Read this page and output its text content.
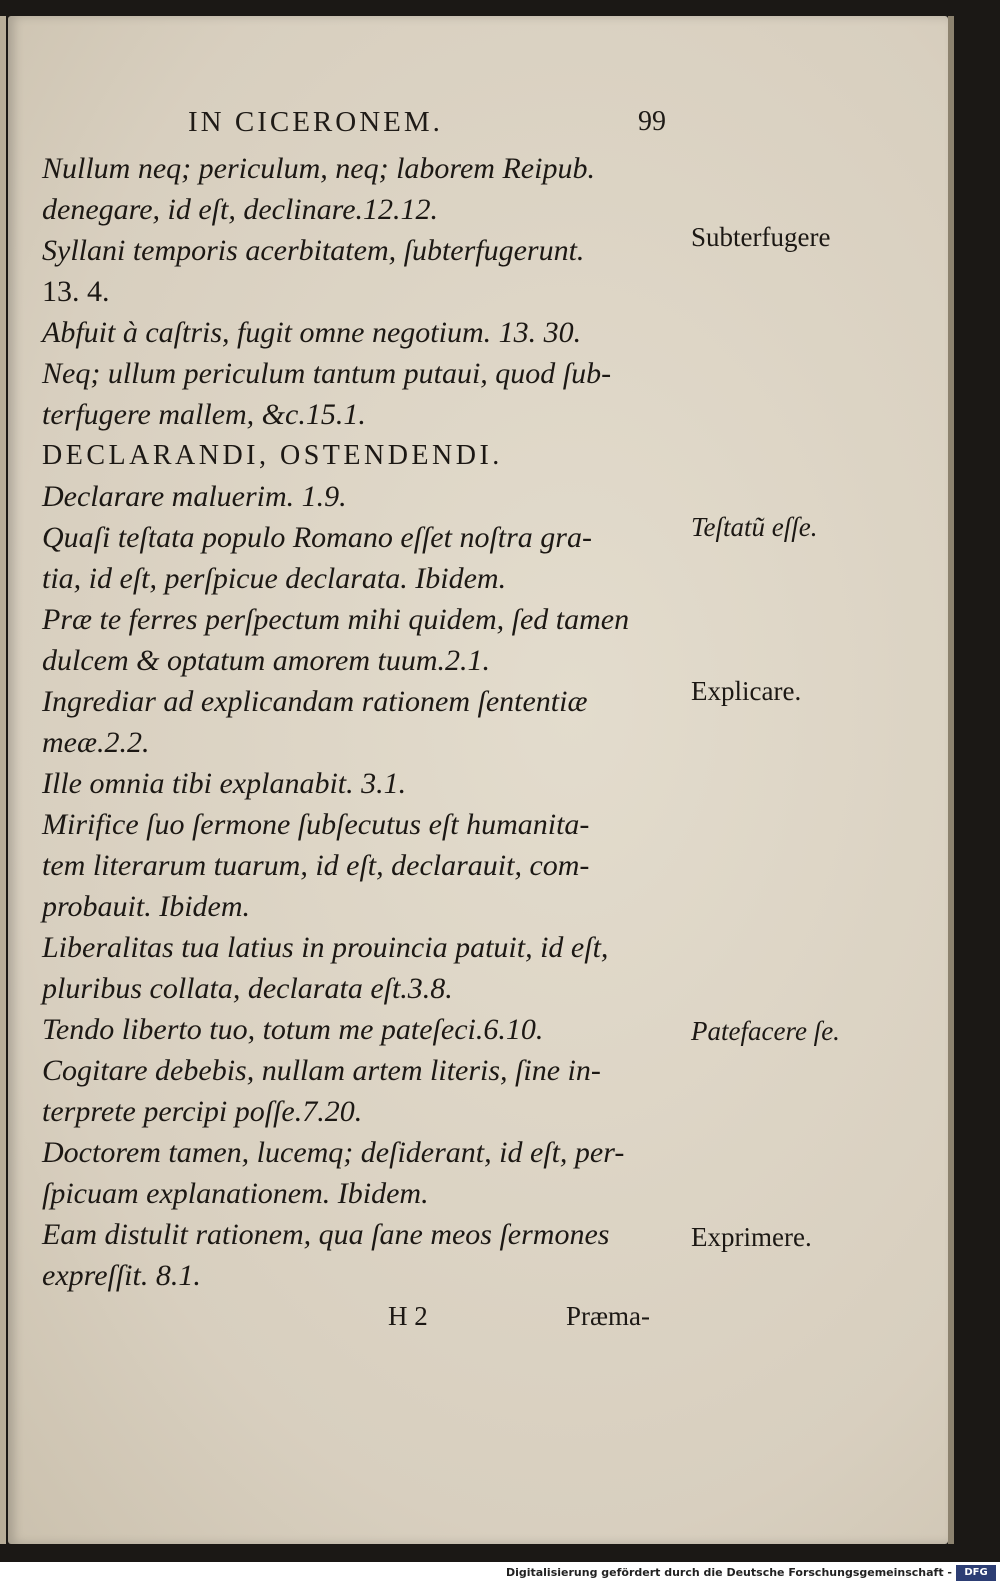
IN CICERONEM.	99
Nullum neq; periculum, neq; laborem Reipub.
denegare, id eſt, declinare.12.12.
Syllani temporis acerbitatem, ſubterfugerunt.
13. 4.
Abfuit à caſtris, fugit omne negotium. 13. 30.
Neq; ullum periculum tantum putaui, quod ſub-
terfugere mallem, &c.15.1.
DECLARANDI, OSTENDENDI.
Declarare maluerim. 1.9.
Quaſi teſtata populo Romano eſſet noſtra gra-
tia, id eſt, perſpicue declarata. Ibidem.
Præ te ferres perſpectum mihi quidem, ſed tamen
dulcem & optatum amorem tuum.2.1.
Ingrediar ad explicandam rationem ſententiæ
meæ.2.2.
Ille omnia tibi explanabit. 3.1.
Mirifice ſuo ſermone ſubſecutus eſt humanita-
tem literarum tuarum, id eſt, declarauit, com-
probauit. Ibidem.
Liberalitas tua latius in prouincia patuit, id eſt,
pluribus collata, declarata eſt.3.8.
Tendo liberto tuo, totum me pateſeci.6.10.
Cogitare debebis, nullam artem literis, ſine in-
terprete percipi poſſe.7.20.
Doctorem tamen, lucemq; deſiderant, id eſt, per-
ſpicuam explanationem. Ibidem.
Eam distulit rationem, qua ſane meos ſermones
expreſſit. 8.1.
Subterfugere
Teſtatũ eſſe.
Explicare.
Patefacere ſe.
Exprimere.
H 2	Præma-
Digitalisierung gefördert durch die Deutsche Forschungsgemeinschaft -	DFG
